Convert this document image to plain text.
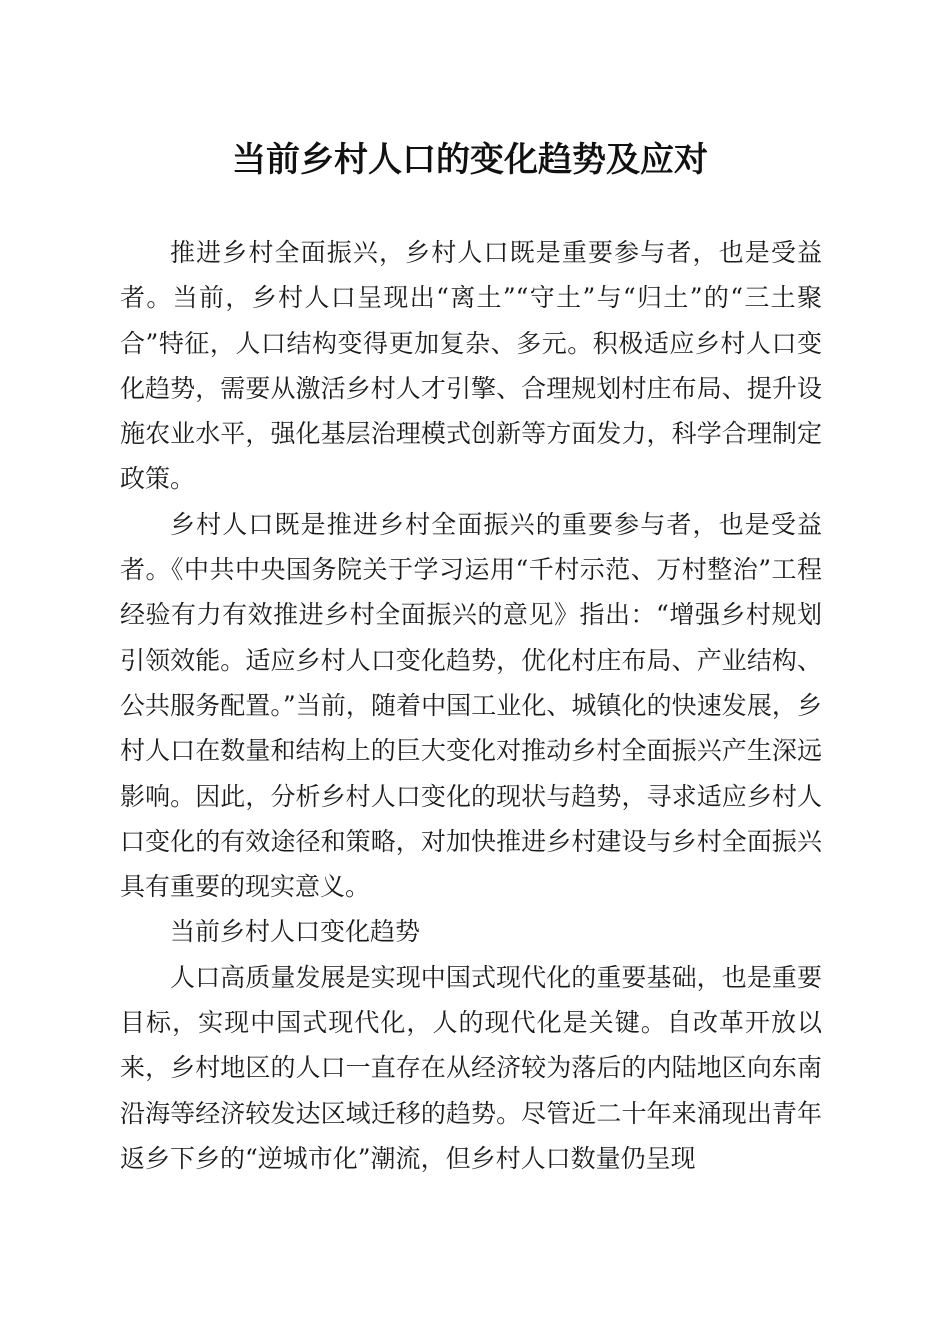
当前乡村人口的变化趋势及应对

推进乡村全面振兴，乡村人口既是重要参与者，也是受益者。当前，乡村人口呈现出“离土”“守土”与“归土”的“三土聚合”特征，人口结构变得更加复杂、多元。积极适应乡村人口变化趋势，需要从激活乡村人才引擎、合理规划村庄布局、提升设施农业水平，强化基层治理模式创新等方面发力，科学合理制定政策。

乡村人口既是推进乡村全面振兴的重要参与者，也是受益者。《中共中央国务院关于学习运用“千村示范、万村整治”工程经验有力有效推进乡村全面振兴的意见》指出：“增强乡村规划引领效能。适应乡村人口变化趋势，优化村庄布局、产业结构、公共服务配置。”当前，随着中国工业化、城镇化的快速发展，乡村人口在数量和结构上的巨大变化对推动乡村全面振兴产生深远影响。因此，分析乡村人口变化的现状与趋势，寻求适应乡村人口变化的有效途径和策略，对加快推进乡村建设与乡村全面振兴具有重要的现实意义。

当前乡村人口变化趋势

人口高质量发展是实现中国式现代化的重要基础，也是重要目标，实现中国式现代化，人的现代化是关键。自改革开放以来，乡村地区的人口一直存在从经济较为落后的内陆地区向东南沿海等经济较发达区域迁移的趋势。尽管近二十年来涌现出青年返乡下乡的“逆城市化”潮流，但乡村人口数量仍呈现
